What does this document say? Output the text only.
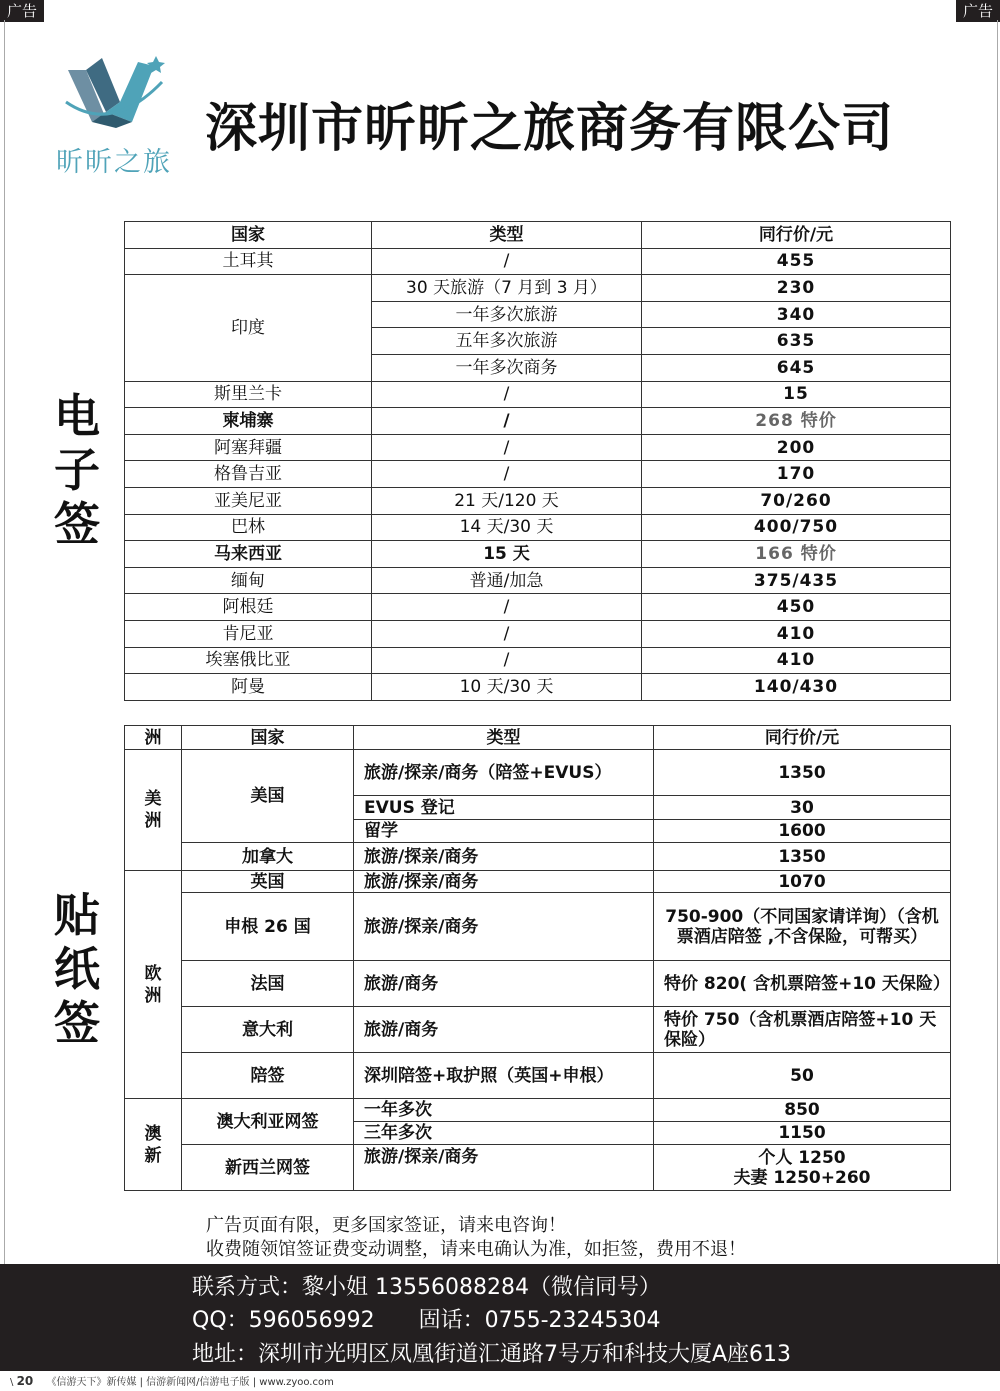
广告	广告
昕昕之旅
深圳市昕昕之旅商务有限公司
电
子
签
贴
纸
签
国家	类型	同行价/元
土耳其	/	455
印度	30 天旅游（7 月到 3 月）	230
	一年多次旅游	340
	五年多次旅游	635
	一年多次商务	645
斯里兰卡	/	15
柬埔寨	/	268 特价
阿塞拜疆	/	200
格鲁吉亚	/	170
亚美尼亚	21 天/120 天	70/260
巴林	14 天/30 天	400/750
马来西亚	15 天	166 特价
缅甸	普通/加急	375/435
阿根廷	/	450
肯尼亚	/	410
埃塞俄比亚	/	410
阿曼	10 天/30 天	140/430
洲	国家	类型	同行价/元

美洲	美国	旅游/探亲/商务（陪签+EVUS）	1350
		EVUS 登记	30
		留学	1600
	加拿大	旅游/探亲/商务	1350

欧洲	英国	旅游/探亲/商务	1070
	申根 26 国	旅游/探亲/商务	750-900（不同国家请详询）（含机票酒店陪签 ,不含保险，可帮买）
	法国	旅游/商务	特价 820( 含机票陪签+10 天保险）
	意大利	旅游/商务	特价 750（含机票酒店陪签+10 天保险）
	陪签	深圳陪签+取护照（英国+申根）	50

澳新	澳大利亚网签	一年多次	850
		三年多次	1150
	新西兰网签	旅游/探亲/商务	个人 1250
夫妻 1250+260
广告页面有限，更多国家签证，请来电咨询！
收费随领馆签证费变动调整，请来电确认为准，如拒签，费用不退！
联系方式：黎小姐 13556088284（微信同号）
QQ：596056992　　固话：0755-23245304
地址：深圳市光明区凤凰街道汇通路7号万和科技大厦A座613
\ 20 《信游天下》新传媒 | 信游新闻网/信游电子版 | www.zyoo.com
